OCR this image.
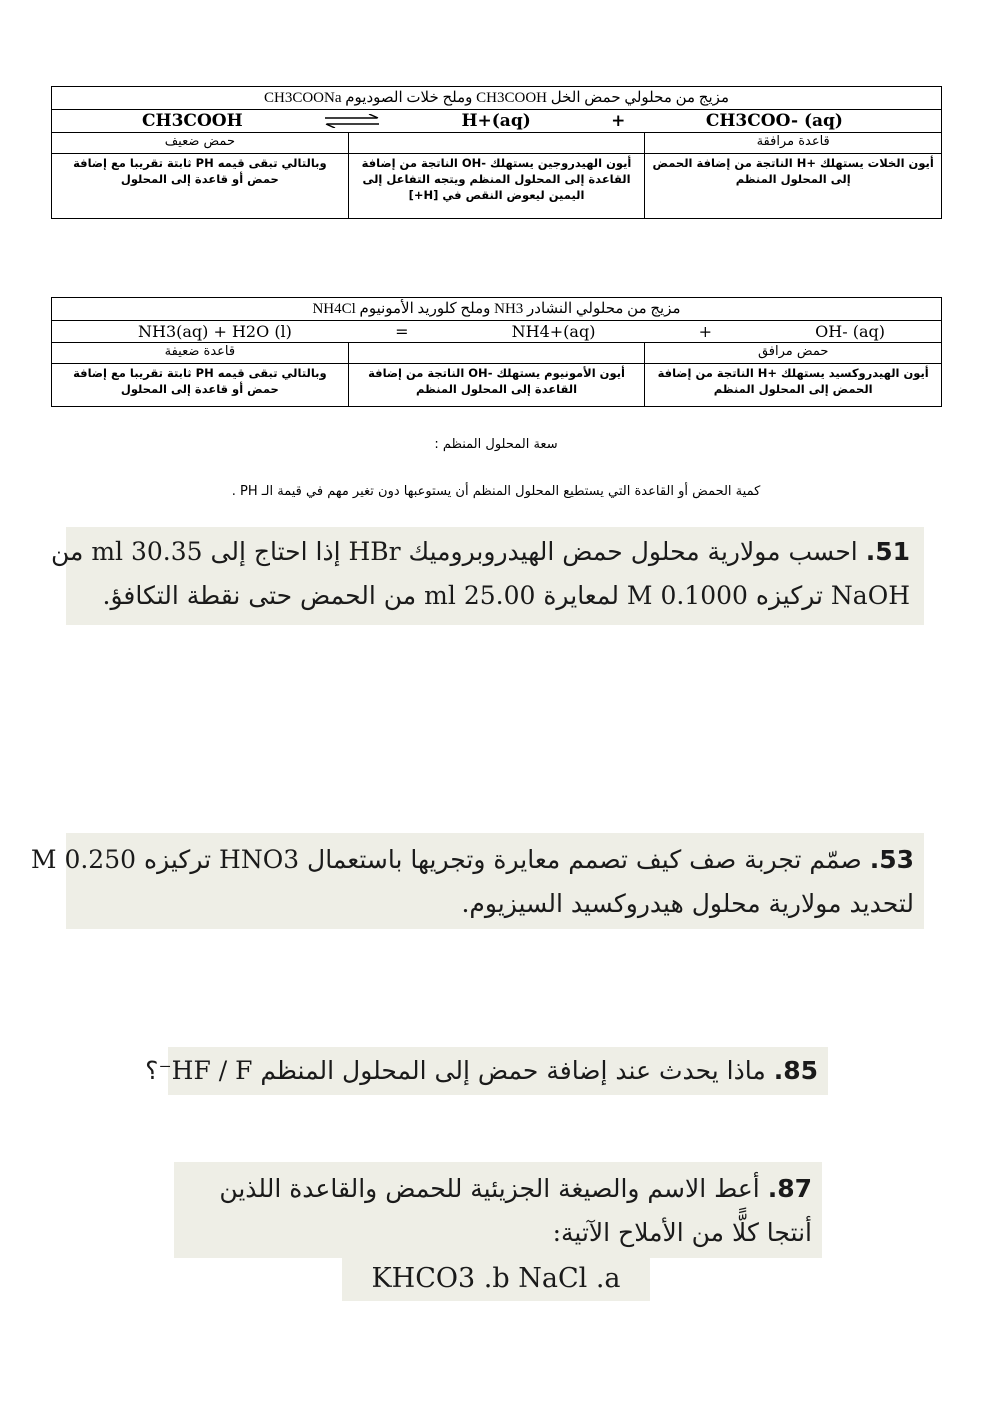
مزيج من محلولي حمض الخل CH3COOH وملح خلات الصوديوم CH3COONa		

CH3COOH H+(aq) + CH3COO- (aq)		

قاعدة مرافقة		حمض ضعيف
أيون الخلات يستهلك +H الناتجة من إضافة الحمض إلى المحلول المنظم	أيون الهيدروجين يستهلك -OH الناتجة من إضافة القاعدة إلى المحلول المنظم ويتجه التفاعل إلى اليمين ليعوض النقص في [H+]	وبالتالي تبقى قيمه PH ثابتة تقريبا مع إضافة حمض أو قاعدة إلى المحلول
مزيج من محلولي النشادر NH3 وملح كلوريد الأمونيوم NH4Cl		

NH3(aq) + H2O (l) = NH4+(aq) + OH- (aq)		

حمض مرافق		قاعدة ضعيفة
أيون الهيدروكسيد يستهلك +H الناتجة من إضافة الحمض إلى المحلول المنظم	أيون الأمونيوم يستهلك -OH الناتجة من إضافة القاعدة إلى المحلول المنظم	وبالتالي تبقى قيمه PH ثابتة تقريبا مع إضافة حمض أو قاعدة إلى المحلول
سعة المحلول المنظم :
كمية الحمض أو القاعدة التي يستطيع المحلول المنظم أن يستوعبها دون تغير مهم في قيمة الـ PH .
51. احسب مولارية محلول حمض الهيدروبروميك HBr إذا احتاج إلى 30.35 ml من
NaOH تركيزه 0.1000 M لمعايرة 25.00 ml من الحمض حتى نقطة التكافؤ.
53. صمّم تجربة صف كيف تصمم معايرة وتجريها باستعمال HNO3 تركيزه 0.250 M
لتحديد مولارية محلول هيدروكسيد السيزيوم.
85. ماذا يحدث عند إضافة حمض إلى المحلول المنظم HF / F⁻؟
87. أعط الاسم والصيغة الجزيئية للحمض والقاعدة اللذين
أنتجا كلًّا من الأملاح الآتية:
KHCO3 .b NaCl .a
